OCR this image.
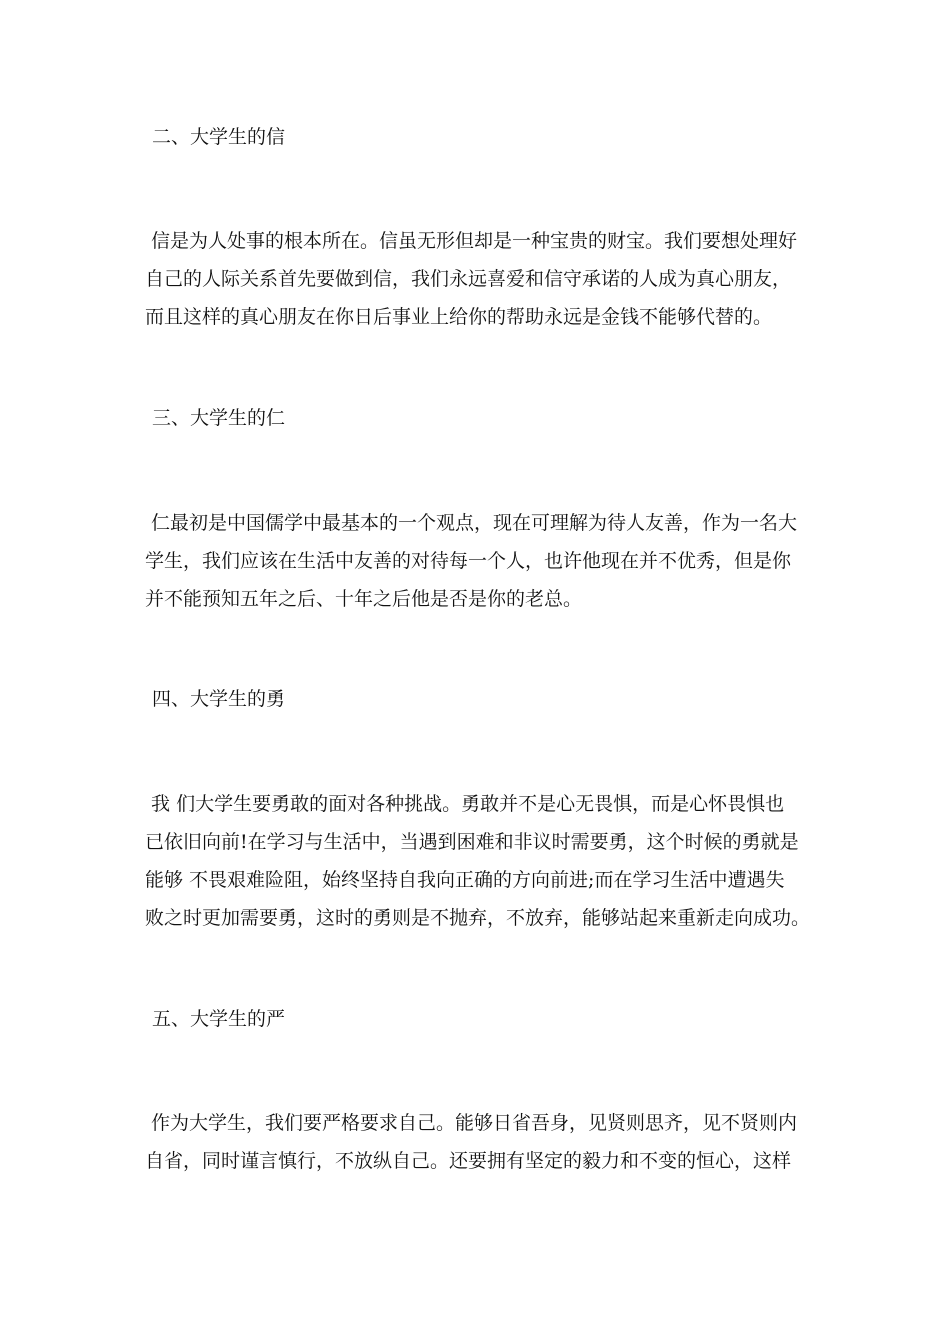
二、大学生的信
信是为人处事的根本所在。信虽无形但却是一种宝贵的财宝。我们要想处理好
自己的人际关系首先要做到信，我们永远喜爱和信守承诺的人成为真心朋友，
而且这样的真心朋友在你日后事业上给你的帮助永远是金钱不能够代替的。
三、大学生的仁
仁最初是中国儒学中最基本的一个观点，现在可理解为待人友善，作为一名大
学生，我们应该在生活中友善的对待每一个人，也许他现在并不优秀，但是你
并不能预知五年之后、十年之后他是否是你的老总。
四、大学生的勇
我 们大学生要勇敢的面对各种挑战。勇敢并不是心无畏惧，而是心怀畏惧也
已依旧向前!在学习与生活中，当遇到困难和非议时需要勇，这个时候的勇就是
能够 不畏艰难险阻，始终坚持自我向正确的方向前进;而在学习生活中遭遇失
败之时更加需要勇，这时的勇则是不抛弃，不放弃，能够站起来重新走向成功。
五、大学生的严
作为大学生，我们要严格要求自己。能够日省吾身，见贤则思齐，见不贤则内
自省，同时谨言慎行，不放纵自己。还要拥有坚定的毅力和不变的恒心，这样
